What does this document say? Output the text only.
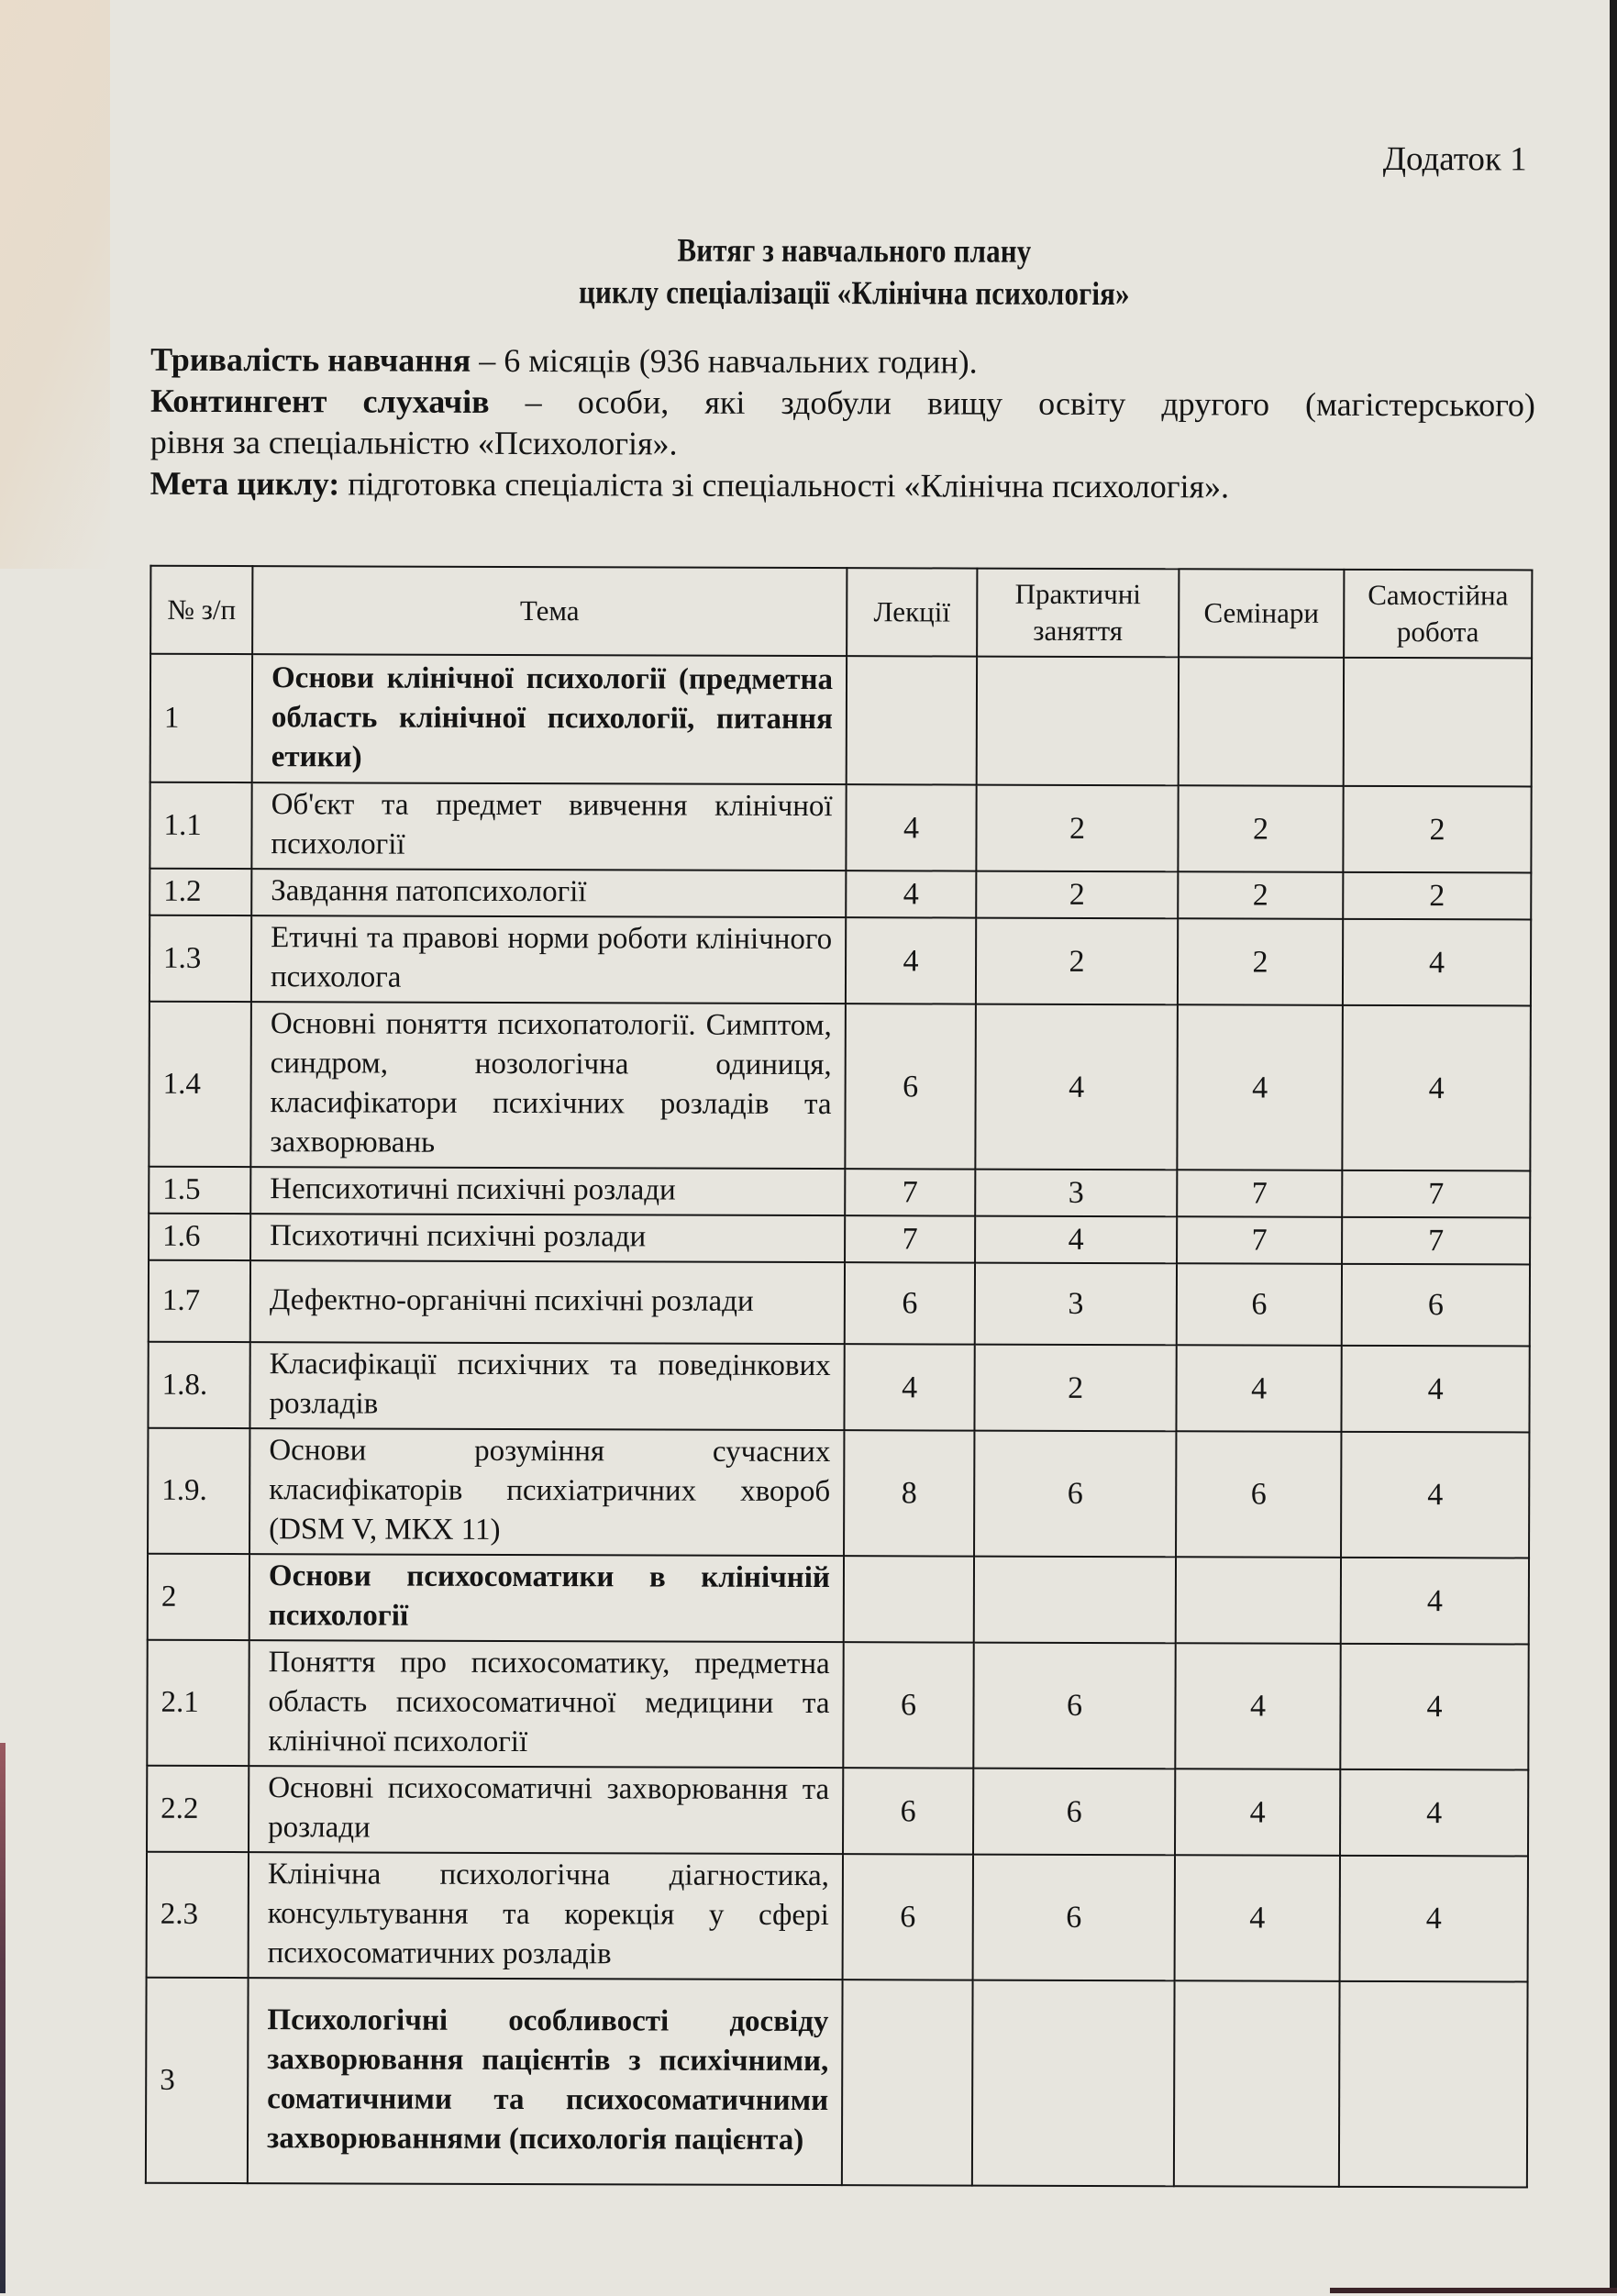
Додаток 1
Витяг з навчального плану
циклу спеціалізації «Клінічна психологія»

Тривалість навчання – 6 місяців (936 навчальних годин).

Контингент слухачів – особи, які здобули вищу освіту другого (магістерського)

рівня за спеціальністю «Психологія».

Мета циклу: підготовка спеціаліста зі спеціальності «Клінічна психологія».

№ з/п	Тема	Лекції	Практичні заняття	Семінари	Самостійна робота
1	Основи клінічної психології (предметна область клінічної психології, питання етики)				
1.1	Об'єкт та предмет вивчення клінічної психології	4	2	2	2
1.2	Завдання патопсихології	4	2	2	2
1.3	Етичні та правові норми роботи клінічного психолога	4	2	2	4
1.4	Основні поняття психопатології. Симптом, синдром, нозологічна одиниця, класифікатори психічних розладів та захворювань	6	4	4	4
1.5	Непсихотичні психічні розлади	7	3	7	7
1.6	Психотичні психічні розлади	7	4	7	7
1.7	Дефектно-органічні психічні розлади	6	3	6	6
1.8.	Класифікації психічних та поведінкових розладів	4	2	4	4
1.9.	Основи розуміння сучасних класифікаторів психіатричних хвороб (DSM V, МКХ 11)	8	6	6	4
2	Основи психосоматики в клінічній психології				4
2.1	Поняття про психосоматику, предметна область психосоматичної медицини та клінічної психології	6	6	4	4
2.2	Основні психосоматичні захворювання та розлади	6	6	4	4
2.3	Клінічна психологічна діагностика, консультування та корекція у сфері психосоматичних розладів	6	6	4	4
3	Психологічні особливості досвіду захворювання пацієнтів з психічними, соматичними та психосоматичними захворюваннями (психологія пацієнта)				
